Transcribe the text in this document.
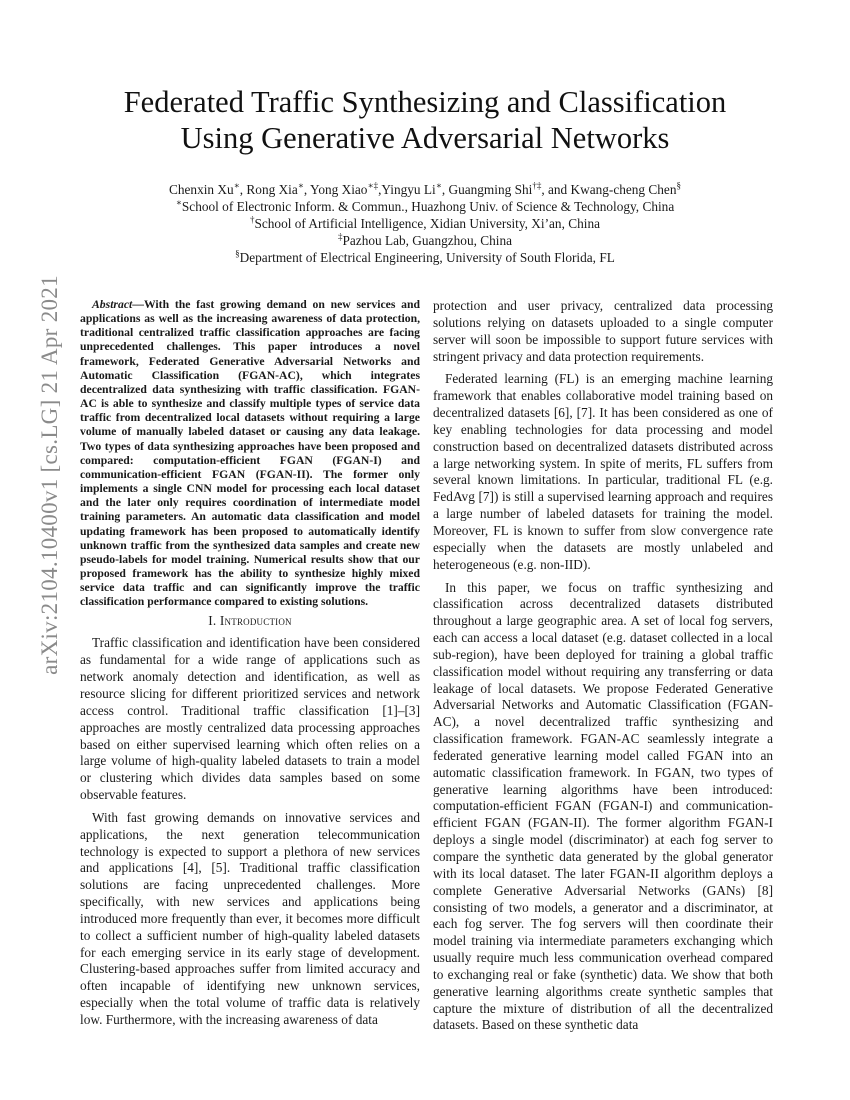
arXiv:2104.10400v1 [cs.LG] 21 Apr 2021
Federated Traffic Synthesizing and Classification
Using Generative Adversarial Networks
Chenxin Xu∗, Rong Xia∗, Yong Xiao∗‡,Yingyu Li∗, Guangming Shi†‡, and Kwang-cheng Chen§
∗School of Electronic Inform. & Commun., Huazhong Univ. of Science & Technology, China
†School of Artificial Intelligence, Xidian University, Xi’an, China
‡Pazhou Lab, Guangzhou, China
§Department of Electrical Engineering, University of South Florida, FL

Abstract—With the fast growing demand on new services and applications as well as the increasing awareness of data protection, traditional centralized traffic classification approaches are facing unprecedented challenges. This paper introduces a novel framework, Federated Generative Adversarial Networks and Automatic Classification (FGAN-AC), which integrates decentralized data synthesizing with traffic classification. FGAN-AC is able to synthesize and classify multiple types of service data traffic from decentralized local datasets without requiring a large volume of manually labeled dataset or causing any data leakage. Two types of data synthesizing approaches have been proposed and compared: computation-efficient FGAN (FGAN-I) and communication-efficient FGAN (FGAN-II). The former only implements a single CNN model for processing each local dataset and the later only requires coordination of intermediate model training parameters. An automatic data classification and model updating framework has been proposed to automatically identify unknown traffic from the synthesized data samples and create new pseudo-labels for model training. Numerical results show that our proposed framework has the ability to synthesize highly mixed service data traffic and can significantly improve the traffic classification performance compared to existing solutions.

I. Introduction

Traffic classification and identification have been considered as fundamental for a wide range of applications such as network anomaly detection and identification, as well as resource slicing for different prioritized services and network access control. Traditional traffic classification [1]–[3] approaches are mostly centralized data processing approaches based on either supervised learning which often relies on a large volume of high-quality labeled datasets to train a model or clustering which divides data samples based on some observable features.

With fast growing demands on innovative services and applications, the next generation telecommunication technology is expected to support a plethora of new services and applications [4], [5]. Traditional traffic classification solutions are facing unprecedented challenges. More specifically, with new services and applications being introduced more frequently than ever, it becomes more difficult to collect a sufficient number of high-quality labeled datasets for each emerging service in its early stage of development. Clustering-based approaches suffer from limited accuracy and often incapable of identifying new unknown services, especially when the total volume of traffic data is relatively low. Furthermore, with the increasing awareness of data

protection and user privacy, centralized data processing solutions relying on datasets uploaded to a single computer server will soon be impossible to support future services with stringent privacy and data protection requirements.

Federated learning (FL) is an emerging machine learning framework that enables collaborative model training based on decentralized datasets [6], [7]. It has been considered as one of key enabling technologies for data processing and model construction based on decentralized datasets distributed across a large networking system. In spite of merits, FL suffers from several known limitations. In particular, traditional FL (e.g. FedAvg [7]) is still a supervised learning approach and requires a large number of labeled datasets for training the model. Moreover, FL is known to suffer from slow convergence rate especially when the datasets are mostly unlabeled and heterogeneous (e.g. non-IID).

In this paper, we focus on traffic synthesizing and classification across decentralized datasets distributed throughout a large geographic area. A set of local fog servers, each can access a local dataset (e.g. dataset collected in a local sub-region), have been deployed for training a global traffic classification model without requiring any transferring or data leakage of local datasets. We propose Federated Generative Adversarial Networks and Automatic Classification (FGAN-AC), a novel decentralized traffic synthesizing and classification framework. FGAN-AC seamlessly integrate a federated generative learning model called FGAN into an automatic classification framework. In FGAN, two types of generative learning algorithms have been introduced: computation-efficient FGAN (FGAN-I) and communication-efficient FGAN (FGAN-II). The former algorithm FGAN-I deploys a single model (discriminator) at each fog server to compare the synthetic data generated by the global generator with its local dataset. The later FGAN-II algorithm deploys a complete Generative Adversarial Networks (GANs) [8] consisting of two models, a generator and a discriminator, at each fog server. The fog servers will then coordinate their model training via intermediate parameters exchanging which usually require much less communication overhead compared to exchanging real or fake (synthetic) data. We show that both generative learning algorithms create synthetic samples that capture the mixture of distribution of all the decentralized datasets. Based on these synthetic data
